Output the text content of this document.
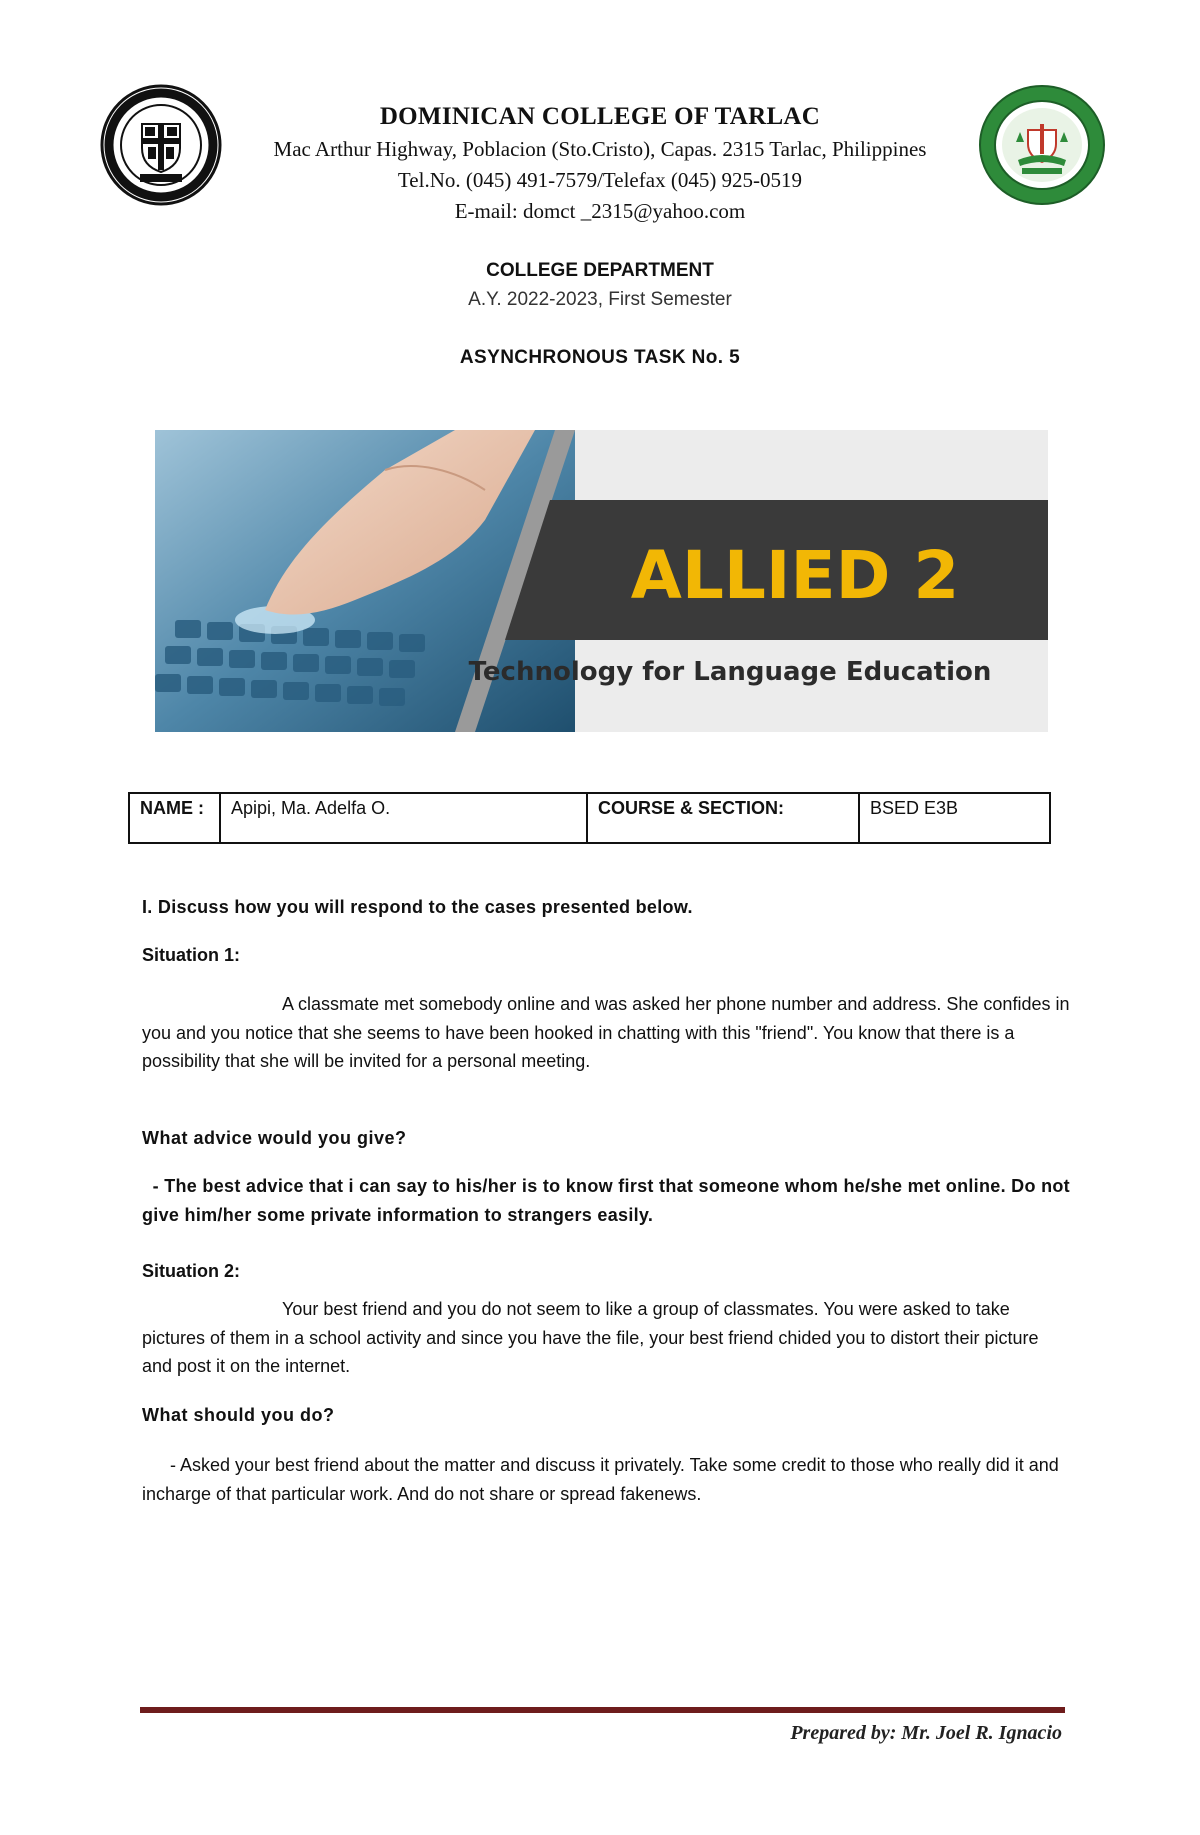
DOMINICAN COLLEGE OF TARLAC
Mac Arthur Highway, Poblacion (Sto.Cristo), Capas. 2315 Tarlac, Philippines
Tel.No. (045) 491-7579/Telefax (045) 925-0519
E-mail: domct _2315@yahoo.com
COLLEGE DEPARTMENT
A.Y. 2022-2023, First Semester
ASYNCHRONOUS TASK No. 5
ALLIED 2
Technology for Language Education
NAME :	Apipi, Ma. Adelfa O.	COURSE & SECTION:	BSED E3B
I. Discuss how you will respond to the cases presented below.
Situation 1:
A classmate met somebody online and was asked her phone number and address. She confides in you and you notice that she seems to have been hooked in chatting with this "friend". You know that there is a possibility that she will be invited for a personal meeting.
What advice would you give?
- The best advice that i can say to his/her is to know first that someone whom he/she met online. Do not give him/her some private information to strangers easily.
Situation 2:
Your best friend and you do not seem to like a group of classmates. You were asked to take pictures of them in a school activity and since you have the file, your best friend chided you to distort their picture and post it on the internet.
What should you do?
- Asked your best friend about the matter and discuss it privately. Take some credit to those who really did it and incharge of that particular work. And do not share or spread fakenews.
Prepared by: Mr. Joel R. Ignacio
